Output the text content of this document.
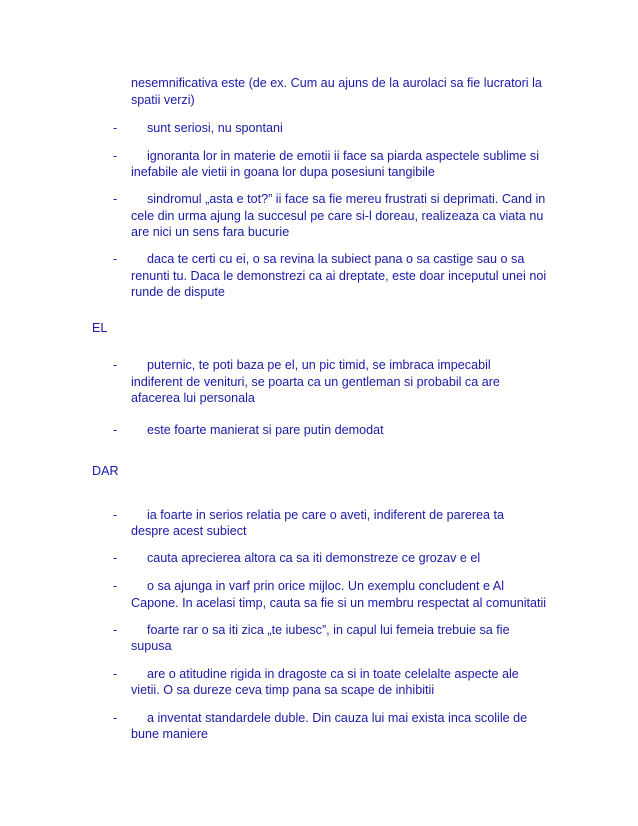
nesemnificativa este (de ex. Cum au ajuns de la aurolaci sa fie lucratori la
spatii verzi)
-	sunt seriosi, nu spontani
-	ignoranta lor in materie de emotii ii face sa piarda aspectele sublime si
inefabile ale vietii in goana lor dupa posesiuni tangibile
-	sindromul „asta e tot?” ii face sa fie mereu frustrati si deprimati. Cand in
cele din urma ajung la succesul pe care si-l doreau, realizeaza ca viata nu
are nici un sens fara bucurie
-	daca te certi cu ei, o sa revina la subiect pana o sa castige sau o sa
renunti tu. Daca le demonstrezi ca ai dreptate, este doar inceputul unei noi
runde de dispute
EL
-	puternic, te poti baza pe el, un pic timid, se imbraca impecabil
indiferent de venituri, se poarta ca un gentleman si probabil ca are
afacerea lui personala
-	este foarte manierat si pare putin demodat
DAR
-	ia foarte in serios relatia pe care o aveti, indiferent de parerea ta
despre acest subiect
-	cauta aprecierea altora ca sa iti demonstreze ce grozav e el
-	o sa ajunga in varf prin orice mijloc. Un exemplu concludent e Al
Capone. In acelasi timp, cauta sa fie si un membru respectat al comunitatii
-	foarte rar o sa iti zica „te iubesc”, in capul lui femeia trebuie sa fie
supusa
-	are o atitudine rigida in dragoste ca si in toate celelalte aspecte ale
vietii. O sa dureze ceva timp pana sa scape de inhibitii
-	a inventat standardele duble. Din cauza lui mai exista inca scolile de
bune maniere
